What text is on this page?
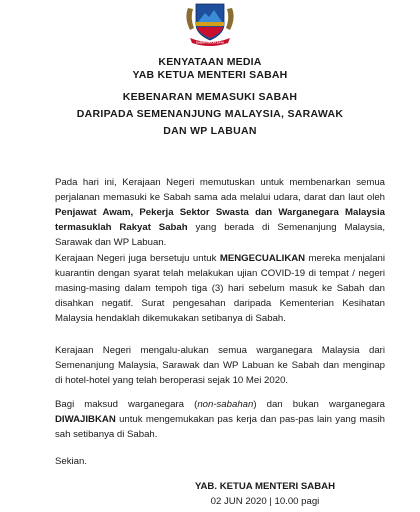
SABAH MAJU JAYA
KENYATAAN MEDIA
YAB KETUA MENTERI SABAH
KEBENARAN MEMASUKI SABAH
DARIPADA SEMENANJUNG MALAYSIA, SARAWAK
DAN WP LABUAN

Pada hari ini, Kerajaan Negeri memutuskan untuk membenarkan semua perjalanan memasuki ke Sabah sama ada melalui udara, darat dan laut oleh Penjawat Awam, Pekerja Sektor Swasta dan Warganegara Malaysia termasuklah Rakyat Sabah yang berada di Semenanjung Malaysia, Sarawak dan WP Labuan.

Kerajaan Negeri juga bersetuju untuk MENGECUALIKAN mereka menjalani kuarantin dengan syarat telah melakukan ujian COVID-19 di tempat / negeri masing-masing dalam tempoh tiga (3) hari sebelum masuk ke Sabah dan disahkan negatif. Surat pengesahan daripada Kementerian Kesihatan Malaysia hendaklah dikemukakan setibanya di Sabah.

Kerajaan Negeri mengalu-alukan semua warganegara Malaysia dari Semenanjung Malaysia, Sarawak dan WP Labuan ke Sabah dan menginap di hotel-hotel yang telah beroperasi sejak 10 Mei 2020.

Bagi maksud warganegara (non-sabahan) dan bukan warganegara DIWAJIBKAN untuk mengemukakan pas kerja dan pas-pas lain yang masih sah setibanya di Sabah.

Sekian.

YAB. KETUA MENTERI SABAH
02 JUN 2020 | 10.00 pagi
